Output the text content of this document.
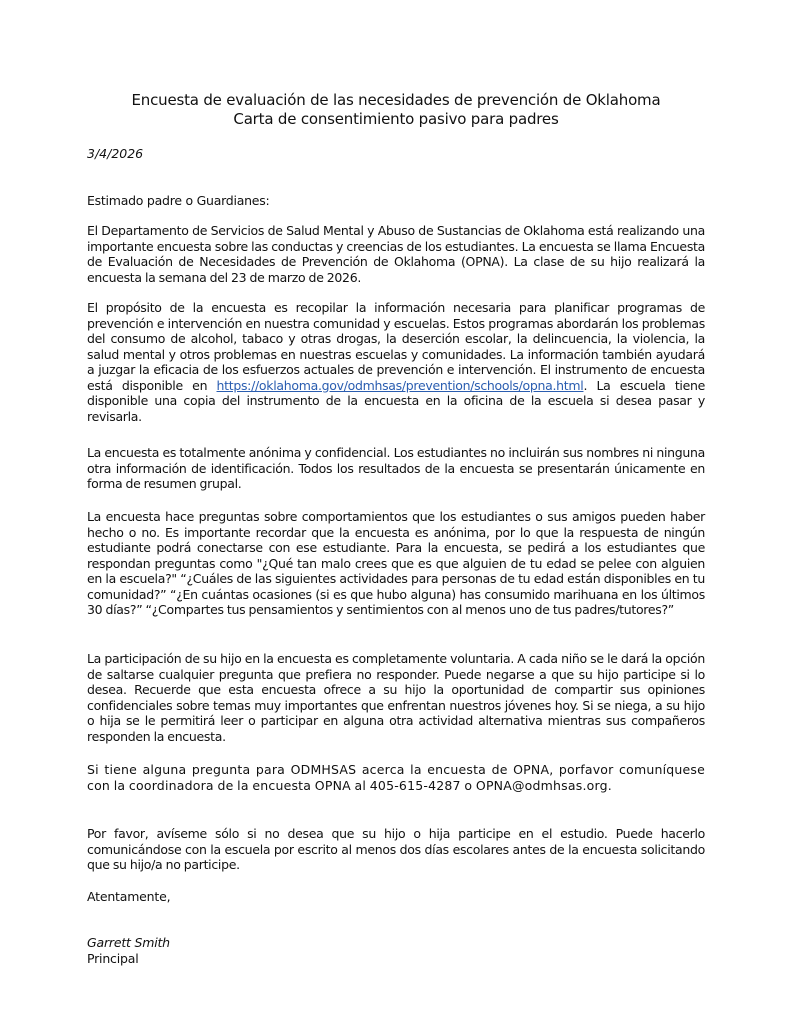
Encuesta de evaluación de las necesidades de prevención de Oklahoma
Carta de consentimiento pasivo para padres
3/4/2026
Estimado padre o Guardianes:

El Departamento de Servicios de Salud Mental y Abuso de Sustancias de Oklahoma está realizando una importante encuesta sobre las conductas y creencias de los estudiantes. La encuesta se llama Encuesta de Evaluación de Necesidades de Prevención de Oklahoma (OPNA). La clase de su hijo realizará la encuesta la semana del 23 de marzo de 2026.

El propósito de la encuesta es recopilar la información necesaria para planificar programas de prevención e intervención en nuestra comunidad y escuelas. Estos programas abordarán los problemas del consumo de alcohol, tabaco y otras drogas, la deserción escolar, la delincuencia, la violencia, la salud mental y otros problemas en nuestras escuelas y comunidades. La información también ayudará a juzgar la eficacia de los esfuerzos actuales de prevención e intervención. El instrumento de encuesta está disponible en https://oklahoma.gov/odmhsas/prevention/schools/opna.html. La escuela tiene disponible una copia del instrumento de la encuesta en la oficina de la escuela si desea pasar y revisarla.

La encuesta es totalmente anónima y confidencial. Los estudiantes no incluirán sus nombres ni ninguna otra información de identificación. Todos los resultados de la encuesta se presentarán únicamente en forma de resumen grupal.

La encuesta hace preguntas sobre comportamientos que los estudiantes o sus amigos pueden haber hecho o no. Es importante recordar que la encuesta es anónima, por lo que la respuesta de ningún estudiante podrá conectarse con ese estudiante. Para la encuesta, se pedirá a los estudiantes que respondan preguntas como "¿Qué tan malo crees que es que alguien de tu edad se pelee con alguien en la escuela?" “¿Cuáles de las siguientes actividades para personas de tu edad están disponibles en tu comunidad?” “¿En cuántas ocasiones (si es que hubo alguna) has consumido marihuana en los últimos 30 días?” “¿Compartes tus pensamientos y sentimientos con al menos uno de tus padres/tutores?”

La participación de su hijo en la encuesta es completamente voluntaria. A cada niño se le dará la opción de saltarse cualquier pregunta que prefiera no responder. Puede negarse a que su hijo participe si lo desea. Recuerde que esta encuesta ofrece a su hijo la oportunidad de compartir sus opiniones confidenciales sobre temas muy importantes que enfrentan nuestros jóvenes hoy. Si se niega, a su hijo o hija se le permitirá leer o participar en alguna otra actividad alternativa mientras sus compañeros responden la encuesta.

Si tiene alguna pregunta para ODMHSAS acerca la encuesta de OPNA, porfavor comuníquese con la coordinadora de la encuesta OPNA al 405-615-4287 o OPNA@odmhsas.org.

Por favor, avíseme sólo si no desea que su hijo o hija participe en el estudio. Puede hacerlo comunicándose con la escuela por escrito al menos dos días escolares antes de la encuesta solicitando que su hijo/a no participe.

Atentamente,
Garrett Smith
Principal
